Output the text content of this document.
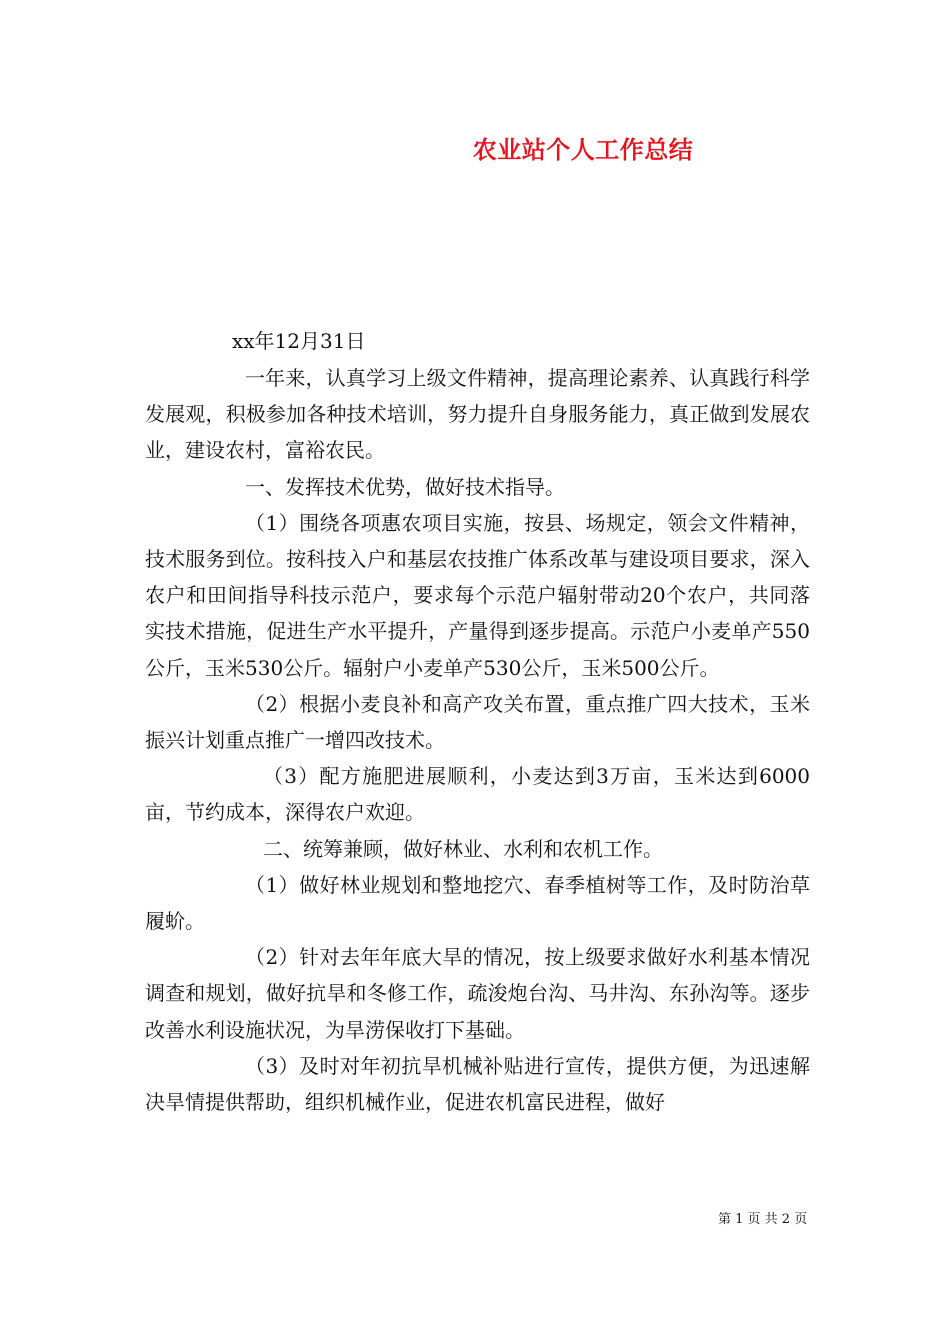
农业站个人工作总结

xx年12月31日

一年来，认真学习上级文件精神，提高理论素养、认真践行科学发展观，积极参加各种技术培训，努力提升自身服务能力，真正做到发展农业，建设农村，富裕农民。

一、发挥技术优势，做好技术指导。

（1）围绕各项惠农项目实施，按县、场规定，领会文件精神，技术服务到位。按科技入户和基层农技推广体系改革与建设项目要求，深入农户和田间指导科技示范户，要求每个示范户辐射带动20个农户，共同落实技术措施，促进生产水平提升，产量得到逐步提高。示范户小麦单产550公斤，玉米530公斤。辐射户小麦单产530公斤，玉米500公斤。

（2）根据小麦良补和高产攻关布置，重点推广四大技术，玉米振兴计划重点推广一增四改技术。

（3）配方施肥进展顺利，小麦达到3万亩，玉米达到6000亩，节约成本，深得农户欢迎。

二、统筹兼顾，做好林业、水利和农机工作。

（1）做好林业规划和整地挖穴、春季植树等工作，及时防治草履蚧。

（2）针对去年年底大旱的情况，按上级要求做好水利基本情况调查和规划，做好抗旱和冬修工作，疏浚炮台沟、马井沟、东孙沟等。逐步改善水利设施状况，为旱涝保收打下基础。

（3）及时对年初抗旱机械补贴进行宣传，提供方便，为迅速解决旱情提供帮助，组织机械作业，促进农机富民进程，做好

第 1 页 共 2 页
